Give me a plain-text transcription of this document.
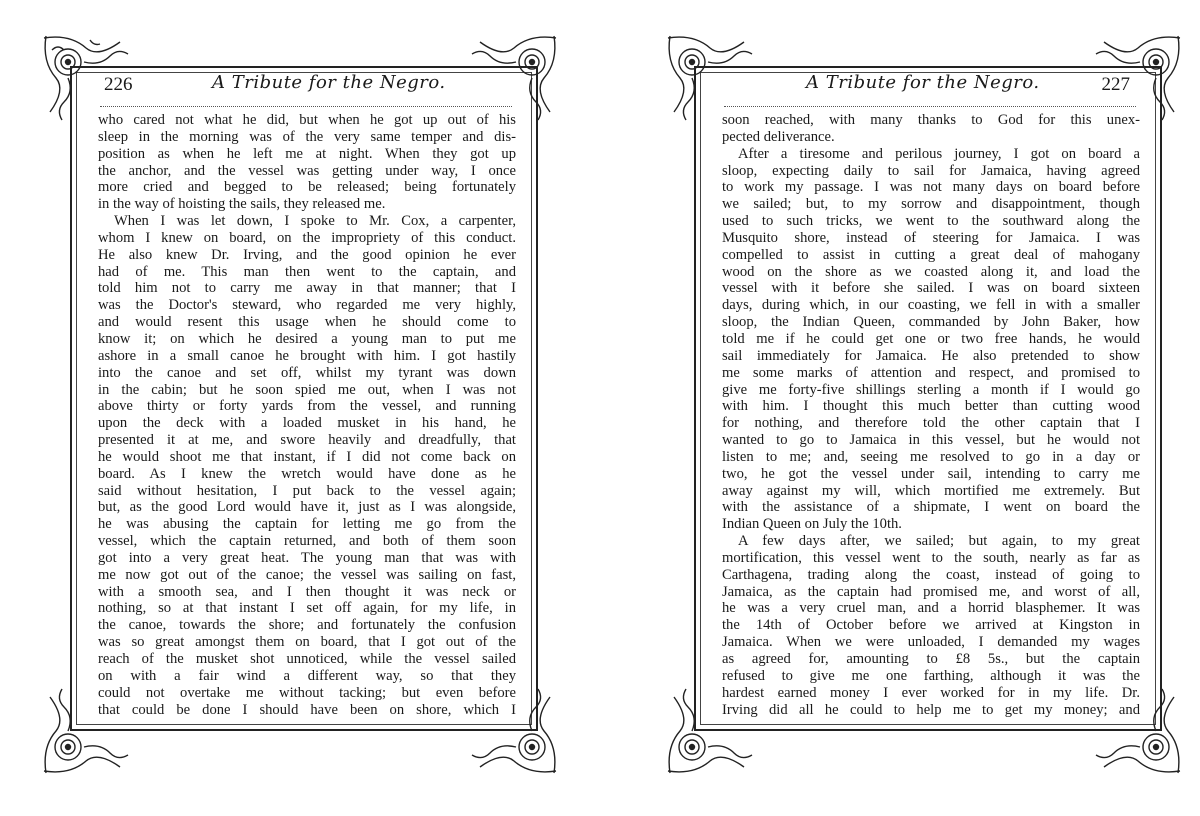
226	A Tribute for the Negro.

who cared not what he did, but when he got up out of his

sleep in the morning was of the very same temper and dis-

position as when he left me at night. When they got up

the anchor, and the vessel was getting under way, I once

more cried and begged to be released; being fortunately

in the way of hoisting the sails, they released me.

When I was let down, I spoke to Mr. Cox, a carpenter,

whom I knew on board, on the impropriety of this conduct.

He also knew Dr. Irving, and the good opinion he ever

had of me. This man then went to the captain, and

told him not to carry me away in that manner; that I

was the Doctor's steward, who regarded me very highly,

and would resent this usage when he should come to

know it; on which he desired a young man to put me

ashore in a small canoe he brought with him. I got hastily

into the canoe and set off, whilst my tyrant was down

in the cabin; but he soon spied me out, when I was not

above thirty or forty yards from the vessel, and running

upon the deck with a loaded musket in his hand, he

presented it at me, and swore heavily and dreadfully, that

he would shoot me that instant, if I did not come back on

board. As I knew the wretch would have done as he

said without hesitation, I put back to the vessel again;

but, as the good Lord would have it, just as I was alongside,

he was abusing the captain for letting me go from the

vessel, which the captain returned, and both of them soon

got into a very great heat. The young man that was with

me now got out of the canoe; the vessel was sailing on fast,

with a smooth sea, and I then thought it was neck or

nothing, so at that instant I set off again, for my life, in

the canoe, towards the shore; and fortunately the confusion

was so great amongst them on board, that I got out of the

reach of the musket shot unnoticed, while the vessel sailed

on with a fair wind a different way, so that they

could not overtake me without tacking; but even before

that could be done I should have been on shore, which I

A Tribute for the Negro.	227

soon reached, with many thanks to God for this unex-

pected deliverance.

After a tiresome and perilous journey, I got on board a

sloop, expecting daily to sail for Jamaica, having agreed

to work my passage. I was not many days on board before

we sailed; but, to my sorrow and disappointment, though

used to such tricks, we went to the southward along the

Musquito shore, instead of steering for Jamaica. I was

compelled to assist in cutting a great deal of mahogany

wood on the shore as we coasted along it, and load the

vessel with it before she sailed. I was on board sixteen

days, during which, in our coasting, we fell in with a smaller

sloop, the Indian Queen, commanded by John Baker, how

told me if he could get one or two free hands, he would

sail immediately for Jamaica. He also pretended to show

me some marks of attention and respect, and promised to

give me forty-five shillings sterling a month if I would go

with him. I thought this much better than cutting wood

for nothing, and therefore told the other captain that I

wanted to go to Jamaica in this vessel, but he would not

listen to me; and, seeing me resolved to go in a day or

two, he got the vessel under sail, intending to carry me

away against my will, which mortified me extremely. But

with the assistance of a shipmate, I went on board the

Indian Queen on July the 10th.

A few days after, we sailed; but again, to my great

mortification, this vessel went to the south, nearly as far as

Carthagena, trading along the coast, instead of going to

Jamaica, as the captain had promised me, and worst of all,

he was a very cruel man, and a horrid blasphemer. It was

the 14th of October before we arrived at Kingston in

Jamaica. When we were unloaded, I demanded my wages

as agreed for, amounting to £8 5s., but the captain

refused to give me one farthing, although it was the

hardest earned money I ever worked for in my life. Dr.

Irving did all he could to help me to get my money; and
